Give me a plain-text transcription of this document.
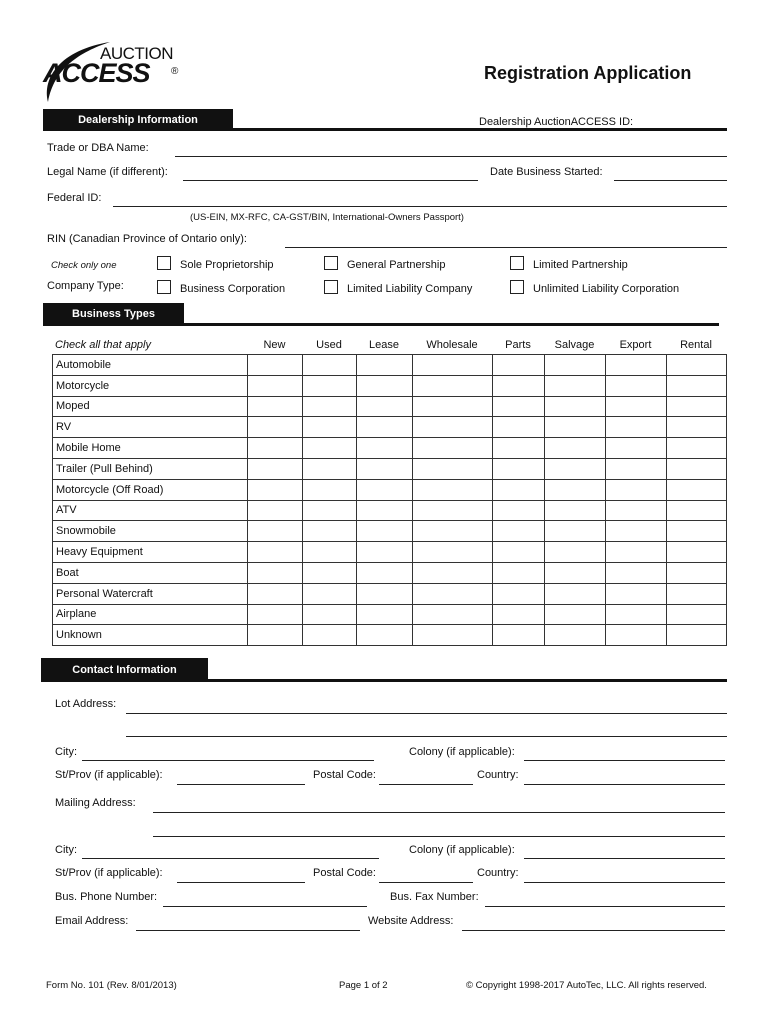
AUCTION
ACCESS ®	Registration Application
Dealership Information	Dealership AuctionACCESS ID:
Trade or DBA Name:
Legal Name (if different):	Date Business Started:
Federal ID:
(US-EIN, MX-RFC, CA-GST/BIN, International-Owners Passport)
RIN (Canadian Province of Ontario only):
Check only one
Company Type:
Sole Proprietorship	General Partnership	Limited Partnership
Business Corporation	Limited Liability Company	Unlimited Liability Corporation
Business Types
Check all that apply	New	Used	Lease	Wholesale	Parts	Salvage	Export	Rental
Automobile								
Motorcycle								
Moped								
RV								
Mobile Home								
Trailer (Pull Behind)								
Motorcycle (Off Road)								
ATV								
Snowmobile								
Heavy Equipment								
Boat								
Personal Watercraft								
Airplane								
Unknown								
Contact Information
Lot Address:
City:	Colony (if applicable):
St/Prov (if applicable):	Postal Code:	Country:
Mailing Address:
City:	Colony (if applicable):
St/Prov (if applicable):	Postal Code:	Country:
Bus. Phone Number:	Bus. Fax Number:
Email Address:	Website Address:
Form No. 101 (Rev. 8/01/2013)	Page 1 of 2	© Copyright 1998-2017 AutoTec, LLC. All rights reserved.
